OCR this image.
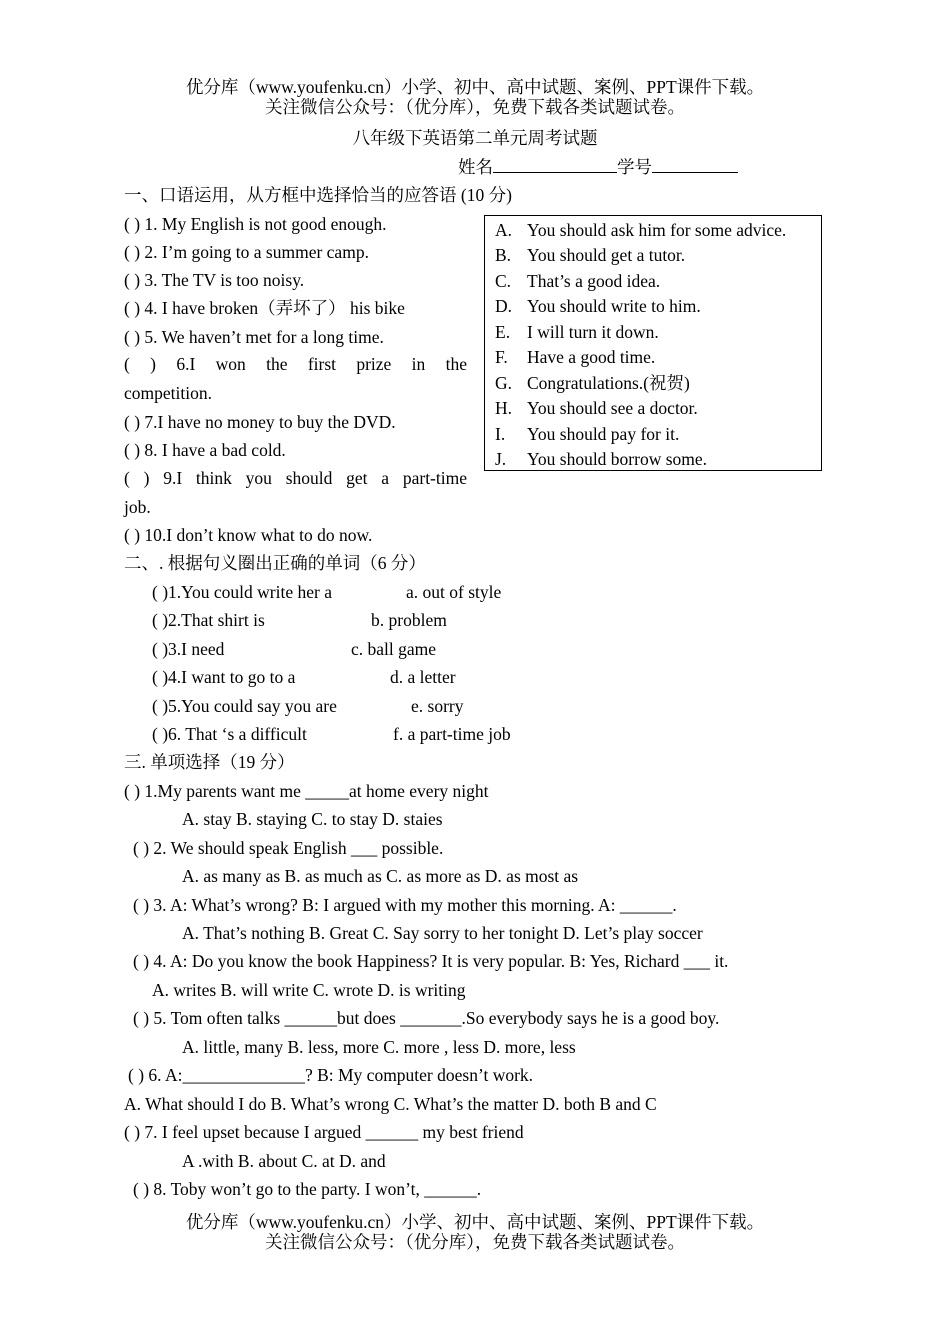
优分库（www.youfenku.cn）小学、初中、高中试题、案例、PPT课件下载。
关注微信公众号：（优分库），免费下载各类试题试卷。
八年级下英语第二单元周考试题
姓名	学号
一、口语运用，从方框中选择恰当的应答语 (10 分)
( ) 1. My English is not good enough.
( ) 2. I’m going to a summer camp.
( ) 3. The TV is too noisy.
( ) 4. I have broken（弄坏了） his bike
( ) 5. We haven’t met for a long time.
( ) 6.I won the first prize in the
competition.
( ) 7.I have no money to buy the DVD.
( ) 8. I have a bad cold.
( ) 9.I think you should get a part-time
job.
( ) 10.I don’t know what to do now.
A. You should ask him for some advice.
B. You should get a tutor.
C. That’s a good idea.
D. You should write to him.
E. I will turn it down.
F. Have a good time.
G. Congratulations.(祝贺)
H. You should see a doctor.
I. You should pay for it.
J. You should borrow some.
二、. 根据句义圈出正确的单词（6 分）
( )1.You could write her a
( )2.That shirt is
( )3.I need
( )4.I want to go to a
( )5.You could say you are
( )6. That ‘s a difficult
a. out of style
b. problem
c. ball game
d. a letter
e. sorry
f. a part-time job
三. 单项选择（19 分）
( ) 1.My parents want me _____at home every night
A. stay B. staying C. to stay D. staies
( ) 2. We should speak English ___ possible.
A. as many as B. as much as C. as more as D. as most as
( ) 3. A: What’s wrong? B: I argued with my mother this morning. A: ______.
A. That’s nothing B. Great C. Say sorry to her tonight D. Let’s play soccer
( ) 4. A: Do you know the book Happiness? It is very popular. B: Yes, Richard ___ it.
A. writes B. will write C. wrote D. is writing
( ) 5. Tom often talks ______but does _______.So everybody says he is a good boy.
A. little, many B. less, more C. more , less D. more, less
( ) 6. A:______________? B: My computer doesn’t work.
A. What should I do B. What’s wrong C. What’s the matter D. both B and C
( ) 7. I feel upset because I argued ______ my best friend
A .with B. about C. at D. and
( ) 8. Toby won’t go to the party. I won’t, ______.
优分库（www.youfenku.cn）小学、初中、高中试题、案例、PPT课件下载。
关注微信公众号：（优分库），免费下载各类试题试卷。
